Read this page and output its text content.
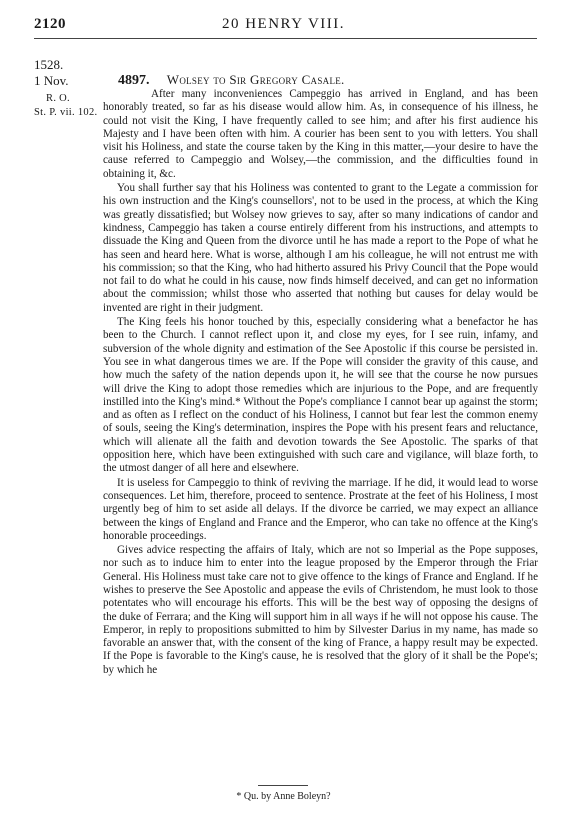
2120	20 HENRY VIII.
1528.
1 Nov.
R. O.
St. P. vii. 102.
4897. Wolsey to Sir Gregory Casale.

After many inconveniences Campeggio has arrived in England, and has been honorably treated, so far as his disease would allow him. As, in consequence of his illness, he could not visit the King, I have frequently called to see him; and after his first audience his Majesty and I have been often with him. A courier has been sent to you with letters. You shall visit his Holiness, and state the course taken by the King in this matter,—your desire to have the cause referred to Campeggio and Wolsey,—the commission, and the difficulties found in obtaining it, &c.

You shall further say that his Holiness was contented to grant to the Legate a commission for his own instruction and the King's counsellors', not to be used in the process, at which the King was greatly dissatisfied; but Wolsey now grieves to say, after so many indications of candor and kindness, Campeggio has taken a course entirely different from his instructions, and attempts to dissuade the King and Queen from the divorce until he has made a report to the Pope of what he has seen and heard here. What is worse, although I am his colleague, he will not entrust me with his commission; so that the King, who had hitherto assured his Privy Council that the Pope would not fail to do what he could in his cause, now finds himself deceived, and can get no information about the commission; whilst those who asserted that nothing but causes for delay would be invented are right in their judgment.

The King feels his honor touched by this, especially considering what a benefactor he has been to the Church. I cannot reflect upon it, and close my eyes, for I see ruin, infamy, and subversion of the whole dignity and estimation of the See Apostolic if this course be persisted in. You see in what dangerous times we are. If the Pope will consider the gravity of this cause, and how much the safety of the nation depends upon it, he will see that the course he now pursues will drive the King to adopt those remedies which are injurious to the Pope, and are frequently instilled into the King's mind.* Without the Pope's compliance I cannot bear up against the storm; and as often as I reflect on the conduct of his Holiness, I cannot but fear lest the common enemy of souls, seeing the King's determination, inspires the Pope with his present fears and reluctance, which will alienate all the faith and devotion towards the See Apostolic. The sparks of that opposition here, which have been extinguished with such care and vigilance, will blaze forth, to the utmost danger of all here and elsewhere.

It is useless for Campeggio to think of reviving the marriage. If he did, it would lead to worse consequences. Let him, therefore, proceed to sentence. Prostrate at the feet of his Holiness, I most urgently beg of him to set aside all delays. If the divorce be carried, we may expect an alliance between the kings of England and France and the Emperor, who can take no offence at the King's honorable proceedings.

Gives advice respecting the affairs of Italy, which are not so Imperial as the Pope supposes, nor such as to induce him to enter into the league proposed by the Emperor through the Friar General. His Holiness must take care not to give offence to the kings of France and England. If he wishes to preserve the See Apostolic and appease the evils of Christendom, he must look to those potentates who will encourage his efforts. This will be the best way of opposing the designs of the duke of Ferrara; and the King will support him in all ways if he will not oppose his cause. The Emperor, in reply to propositions submitted to him by Silvester Darius in my name, has made so favorable an answer that, with the consent of the king of France, a happy result may be expected. If the Pope is favorable to the King's cause, he is resolved that the glory of it shall be the Pope's; by which he

* Qu. by Anne Boleyn?
